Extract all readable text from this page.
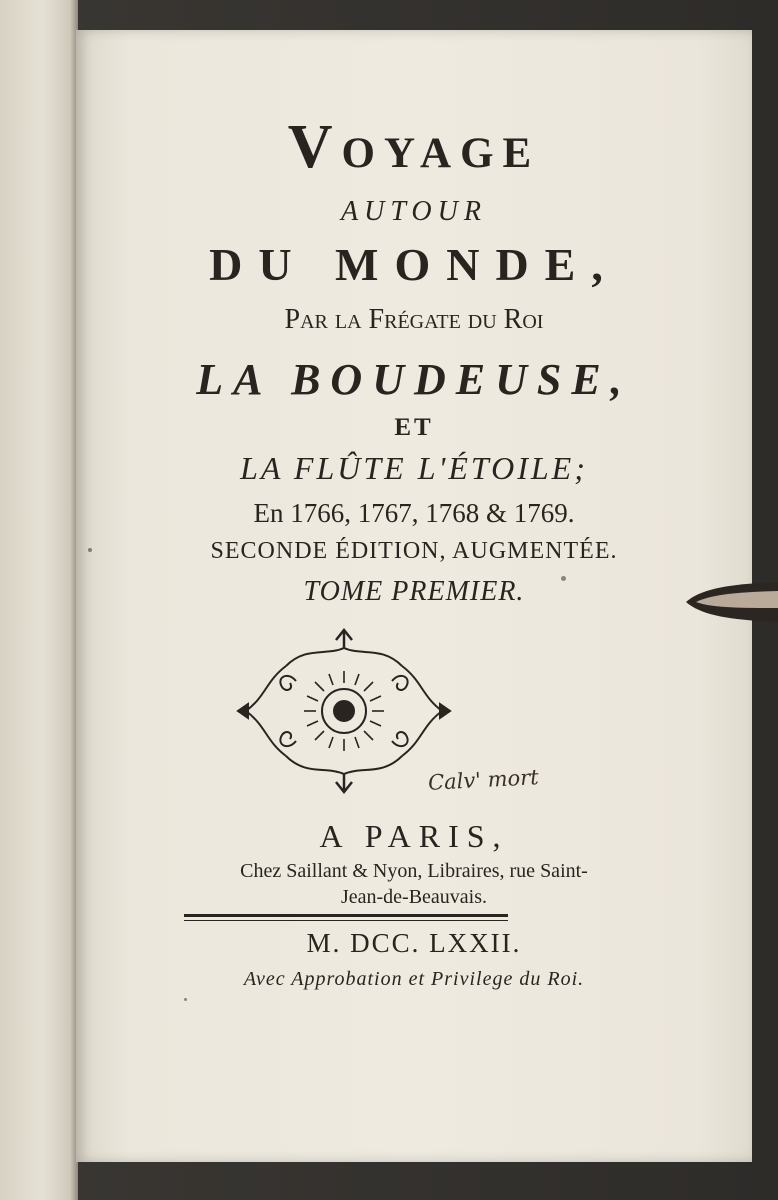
Voyage
AUTOUR
DU MONDE,
Par la Frégate du Roi
LA BOUDEUSE,
ET
LA FLÛTE L'ÉTOILE;
En 1766, 1767, 1768 & 1769.
SECONDE ÉDITION, AUGMENTÉE.
TOME PREMIER.
Calv' mort
A PARIS,
Chez Saillant & Nyon, Libraires, rue Saint-
Jean-de-Beauvais.
M. DCC. LXXII.
Avec Approbation et Privilege du Roi.
